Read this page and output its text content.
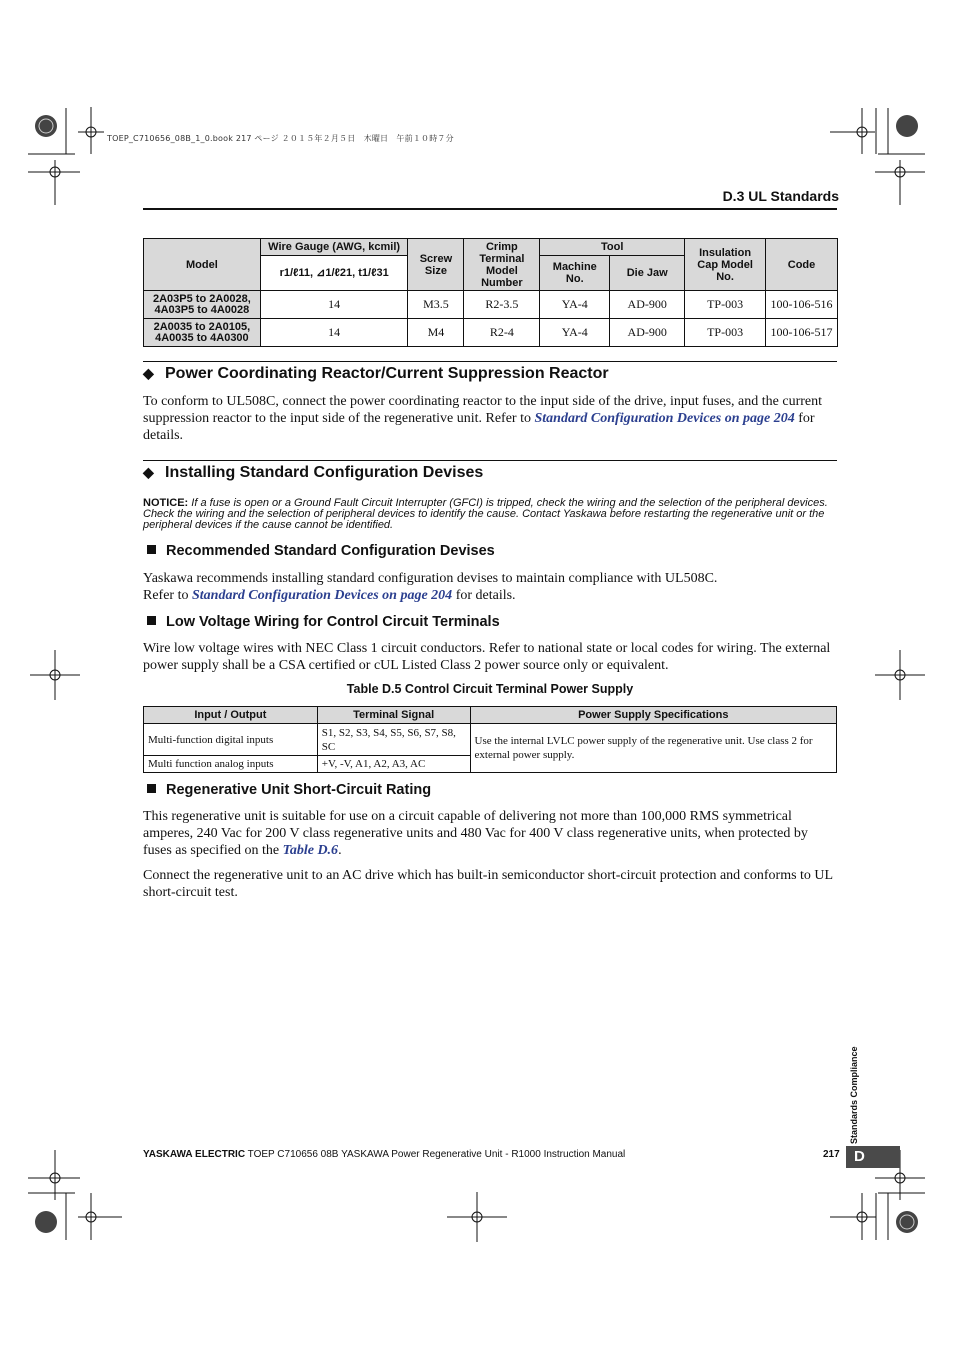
TOEP_C710656_08B_1_0.book 217 ページ ２０１５年２月５日　木曜日　午前１０時７分
D.3 UL Standards
Model	Wire Gauge (AWG, kcmil)	Screw Size	Crimp Terminal Model Number	Tool		Insulation Cap Model No.	Code
	r1/ℓ11, ⊿1/ℓ21, t1/ℓ31			Machine No.	Die Jaw		
2A03P5 to 2A0028, 4A03P5 to 4A0028	14	M3.5	R2-3.5	YA-4	AD-900	TP-003	100-106-516
2A0035 to 2A0105, 4A0035 to 4A0300	14	M4	R2-4	YA-4	AD-900	TP-003	100-106-517
◆ Power Coordinating Reactor/Current Suppression Reactor
To conform to UL508C, connect the power coordinating reactor to the input side of the drive, input fuses, and the current suppression reactor to the input side of the regenerative unit. Refer to Standard Configuration Devices on page 204 for details.
◆ Installing Standard Configuration Devises
NOTICE: If a fuse is open or a Ground Fault Circuit Interrupter (GFCI) is tripped, check the wiring and the selection of the peripheral devices. Check the wiring and the selection of peripheral devices to identify the cause. Contact Yaskawa before restarting the regenerative unit or the peripheral devices if the cause cannot be identified.
Recommended Standard Configuration Devises
Yaskawa recommends installing standard configuration devises to maintain compliance with UL508C.
Refer to Standard Configuration Devices on page 204 for details.
Low Voltage Wiring for Control Circuit Terminals
Wire low voltage wires with NEC Class 1 circuit conductors. Refer to national state or local codes for wiring. The external power supply shall be a CSA certified or cUL Listed Class 2 power source only or equivalent.
Table D.5 Control Circuit Terminal Power Supply
Input / Output	Terminal Signal	Power Supply Specifications
Multi-function digital inputs	S1, S2, S3, S4, S5, S6, S7, S8, SC	Use the internal LVLC power supply of the regenerative unit. Use class 2 for external power supply.
Multi function analog inputs	+V, -V, A1, A2, A3, AC	
Regenerative Unit Short-Circuit Rating
This regenerative unit is suitable for use on a circuit capable of delivering not more than 100,000 RMS symmetrical amperes, 240 Vac for 200 V class regenerative units and 480 Vac for 400 V class regenerative units, when protected by fuses as specified on the Table D.6.
Connect the regenerative unit to an AC drive which has built-in semiconductor short-circuit protection and conforms to UL short-circuit test.
Standards Compliance
D
YASKAWA ELECTRIC TOEP C710656 08B YASKAWA Power Regenerative Unit - R1000 Instruction Manual	217
